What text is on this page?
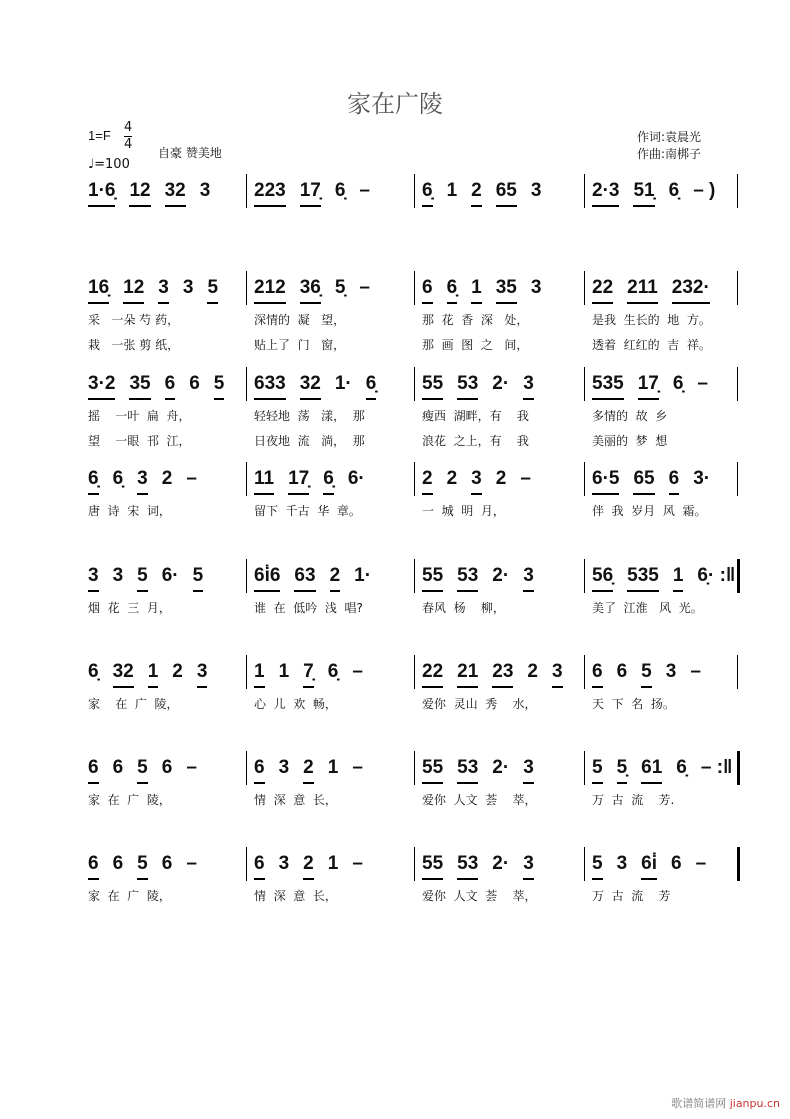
家在广陵
1=F
4
4
♩=100
自豪 赞美地
作词:袁晨光
作曲:南梆子
1·6̣ 12 32 3 223 17̣ 6̣ –	6̣ 1 2 65 3	2·3 51̣ 6̣ – )
16̣ 12 3 3 5
采   一朵 芍 药，
栽   一张 剪 纸，
212 36̣ 5̣ –
深情的  凝   望，
贴上了  门   窗，
6 6̣ 1 35 3
那  花  香  深   处，
那  画  图  之   间，
22 211 232·
是我  生长的  地  方。
透着  红红的  吉  祥。
3·2 35 6 6 5
摇    一叶  扁  舟，
望    一眼  邗  江，
633 32 1· 6̣
轻轻地  荡   漾，  那
日夜地  流   淌，  那
55 53 2· 3
瘦西  湖畔，有    我
浪花  之上，有    我
535 17̣ 6̣ –
多情的  故  乡
美丽的  梦  想
6̣ 6̣ 3 2 –
唐  诗  宋  词，
11 17̣ 6̣ 6·
留下  千古  华  章。
2 2 3 2 –
一  城  明  月，
6·5 65 6 3·
伴  我  岁月  风  霜。
3 3 5 6· 5
烟  花  三  月，
6i̇6 63 2 1·
谁  在  低吟  浅  唱?
55 53 2· 3
春风  杨    柳，
56̣ 535 1 6̣· :‖
美了  江淮   风  光。
6̣ 32 1 2 3
家    在  广  陵，
1 1 7̣ 6̣ –
心  儿  欢  畅，
22 21 23 2 3
爱你  灵山  秀    水，
6 6 5 3 –
天  下  名  扬。
6 6 5 6 –
家  在  广  陵，
6 3 2 1 –
情  深  意  长，
55 53 2· 3
爱你  人文  荟    萃，
5 5̣ 61 6̣ – :‖
万  古  流    芳.
6 6 5 6 –
家  在  广  陵，
6 3 2 1 –
情  深  意  长，
55 53 2· 3
爱你  人文  荟    萃，
5 3 6i̇ 6 –
万  古  流    芳
歌谱简谱网 jianpu.cn
